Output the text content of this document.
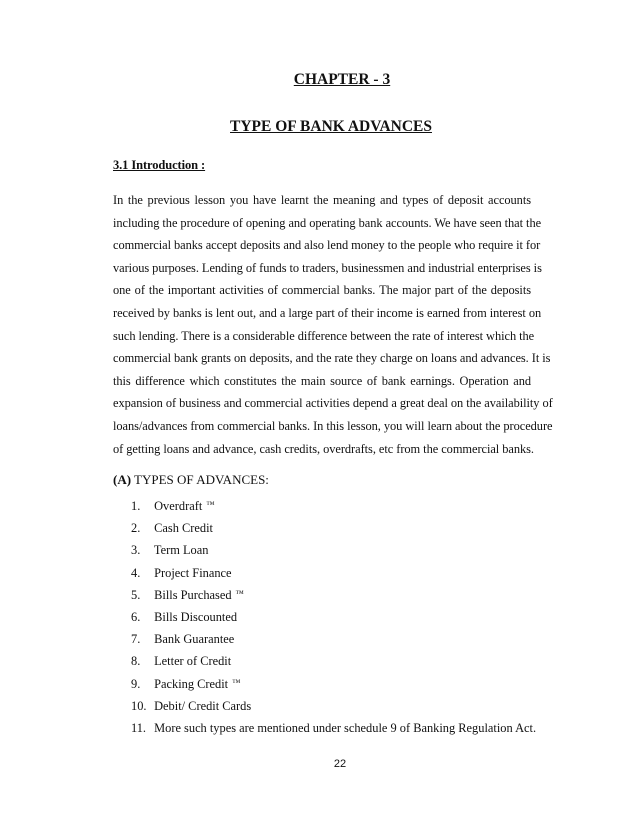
CHAPTER - 3
TYPE OF BANK ADVANCES
3.1 Introduction :
In the previous lesson you have learnt the meaning and types of deposit accounts
including the procedure of opening and operating bank accounts. We have seen that the
commercial banks accept deposits and also lend money to the people who require it for
various purposes. Lending of funds to traders, businessmen and industrial enterprises is
one of the important activities of commercial banks. The major part of the deposits
received by banks is lent out, and a large part of their income is earned from interest on
such lending. There is a considerable difference between the rate of interest which the
commercial bank grants on deposits, and the rate they charge on loans and advances. It is
this difference which constitutes the main source of bank earnings. Operation and
expansion of business and commercial activities depend a great deal on the availability of
loans/advances from commercial banks. In this lesson, you will learn about the procedure
of getting loans and advance, cash credits, overdrafts, etc from the commercial banks.
(A) TYPES OF ADVANCES:
1. Overdraft ™
2. Cash Credit
3. Term Loan
4. Project Finance
5. Bills Purchased ™
6. Bills Discounted
7. Bank Guarantee
8. Letter of Credit
9. Packing Credit ™
10. Debit/ Credit Cards
11. More such types are mentioned under schedule 9 of Banking Regulation Act.
22
